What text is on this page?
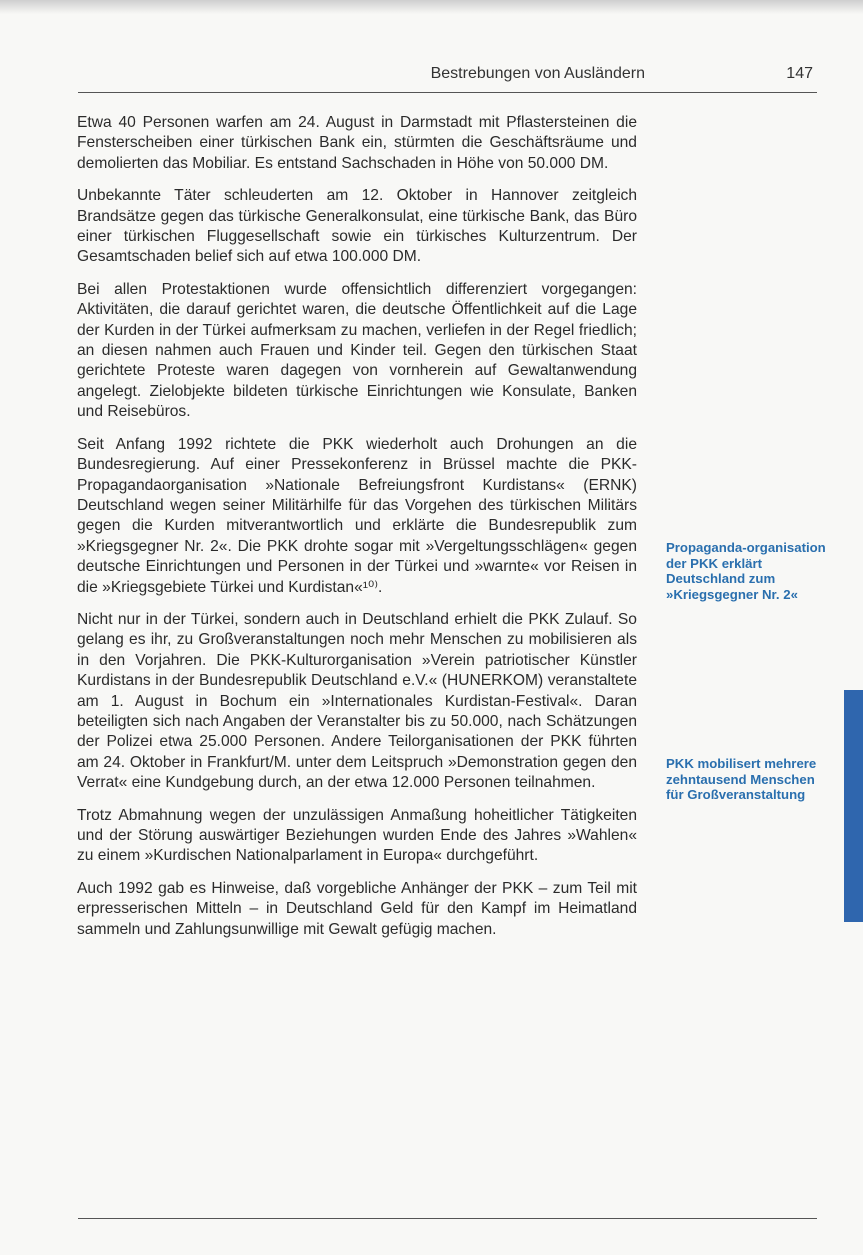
Bestrebungen von Ausländern	147

Etwa 40 Personen warfen am 24. August in Darmstadt mit Pflastersteinen die Fensterscheiben einer türkischen Bank ein, stürmten die Geschäftsräume und demolierten das Mobiliar. Es entstand Sachschaden in Höhe von 50.000 DM.

Unbekannte Täter schleuderten am 12. Oktober in Hannover zeitgleich Brandsätze gegen das türkische Generalkonsulat, eine türkische Bank, das Büro einer türkischen Fluggesellschaft sowie ein türkisches Kulturzentrum. Der Gesamtschaden belief sich auf etwa 100.000 DM.

Bei allen Protestaktionen wurde offensichtlich differenziert vorgegangen: Aktivitäten, die darauf gerichtet waren, die deutsche Öffentlichkeit auf die Lage der Kurden in der Türkei aufmerksam zu machen, verliefen in der Regel friedlich; an diesen nahmen auch Frauen und Kinder teil. Gegen den türkischen Staat gerichtete Proteste waren dagegen von vornherein auf Gewaltanwendung angelegt. Zielobjekte bildeten türkische Einrichtungen wie Konsulate, Banken und Reisebüros.

Seit Anfang 1992 richtete die PKK wiederholt auch Drohungen an die Bundesregierung. Auf einer Pressekonferenz in Brüssel machte die PKK-Propagandaorganisation »Nationale Befreiungsfront Kurdistans« (ERNK) Deutschland wegen seiner Militärhilfe für das Vorgehen des türkischen Militärs gegen die Kurden mitverantwortlich und erklärte die Bundesrepublik zum »Kriegsgegner Nr. 2«. Die PKK drohte sogar mit »Vergeltungsschlägen« gegen deutsche Einrichtungen und Personen in der Türkei und »warnte« vor Reisen in die »Kriegsgebiete Türkei und Kurdistan«¹⁰⁾.

Nicht nur in der Türkei, sondern auch in Deutschland erhielt die PKK Zulauf. So gelang es ihr, zu Großveranstaltungen noch mehr Menschen zu mobilisieren als in den Vorjahren. Die PKK-Kulturorganisation »Verein patriotischer Künstler Kurdistans in der Bundesrepublik Deutschland e.V.« (HUNERKOM) veranstaltete am 1. August in Bochum ein »Internationales Kurdistan-Festival«. Daran beteiligten sich nach Angaben der Veranstalter bis zu 50.000, nach Schätzungen der Polizei etwa 25.000 Personen. Andere Teilorganisationen der PKK führten am 24. Oktober in Frankfurt/M. unter dem Leitspruch »Demonstration gegen den Verrat« eine Kundgebung durch, an der etwa 12.000 Personen teilnahmen.

Trotz Abmahnung wegen der unzulässigen Anmaßung hoheitlicher Tätigkeiten und der Störung auswärtiger Beziehungen wurden Ende des Jahres »Wahlen« zu einem »Kurdischen Nationalparlament in Europa« durchgeführt.

Auch 1992 gab es Hinweise, daß vorgebliche Anhänger der PKK – zum Teil mit erpresserischen Mitteln – in Deutschland Geld für den Kampf im Heimatland sammeln und Zahlungsunwillige mit Gewalt gefügig machen.

Propaganda-organisation der PKK erklärt Deutschland zum »Kriegsgegner Nr. 2«
PKK mobilisert mehrere zehntausend Menschen für Großveranstaltung
